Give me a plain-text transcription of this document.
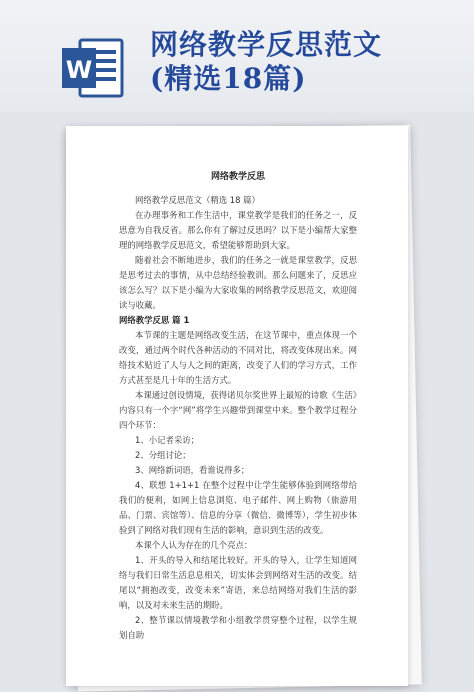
W
网络教学反思范文
(精选18篇)
网络教学反思

网络教学反思范文（精选 18 篇）

在办理事务和工作生活中，课堂教学是我们的任务之一，反思意为自我反省。那么你有了解过反思吗？以下是小编帮大家整理的网络教学反思范文，希望能够帮助到大家。

随着社会不断地进步，我们的任务之一就是课堂教学，反思是思考过去的事情，从中总结经验教训。那么问题来了，反思应该怎么写？以下是小编为大家收集的网络教学反思范文，欢迎阅读与收藏。

网络教学反思 篇 1

本节课的主题是网络改变生活，在这节课中，重点体现一个改变，通过两个时代各种活动的不同对比，将改变体现出来。网络技术贴近了人与人之间的距离，改变了人们的学习方式，工作方式甚至是几十年的生活方式。

本课通过创设情境，获得诺贝尔奖世界上最短的诗歌《生活》内容只有一个字“网”将学生兴趣带到课堂中来。整个教学过程分四个环节：

1、小记者采访；

2、分组讨论；

3、网络新词语，看谁说得多；

4、联想 1+1+1 在整个过程中让学生能够体验到网络带给我们的便利，如网上信息浏览、电子邮件、网上购物（旅游用品、门票、宾馆等）、信息的分享（微信、微博等），学生初步体验到了网络对我们现有生活的影响，意识到生活的改变。

本课个人认为存在的几个亮点：

1、开头的导入和结尾比较好。开头的导入，让学生知道网络与我们日常生活息息相关，切实体会到网络对生活的改变。结尾以“拥抱改变，改变未来”寄语，来总结网络对我们生活的影响，以及对未来生活的期盼。

2、整节课以情境教学和小组教学贯穿整个过程，以学生规划自助
